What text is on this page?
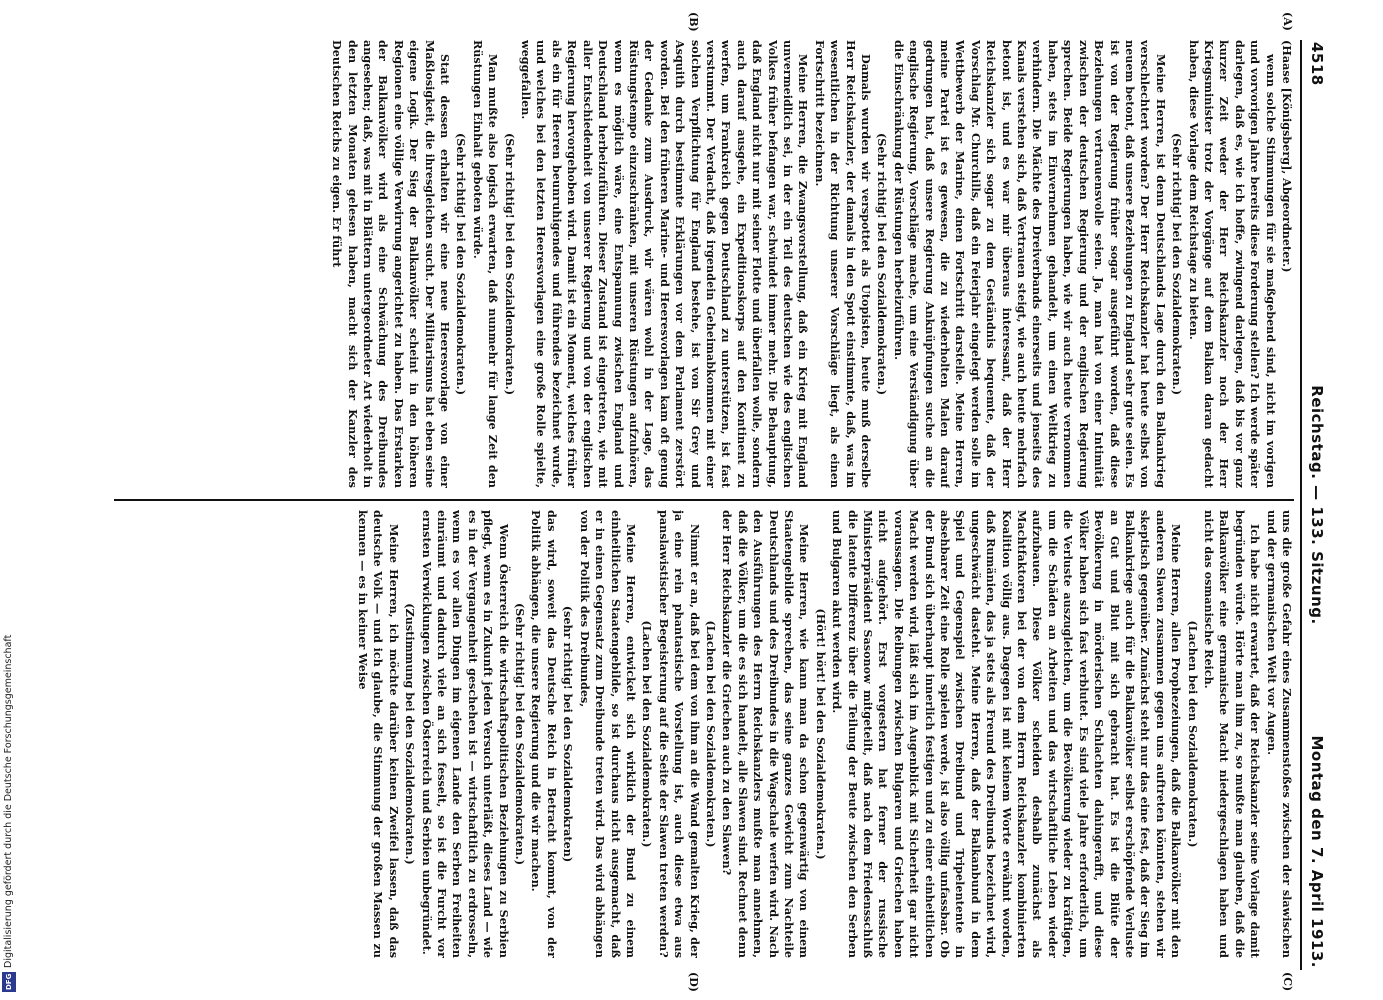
Digitalisierung gefördert durch die Deutsche Forschungsgemeinschaft
DFG
4518
Reichstag. — 133. Sitzung.
Montag den 7. April 1913.
(A)
(B)
(C)
(D)

(Haase [Königsberg], Abgeordneter.)

wenn solche Stimmungen für sie maßgebend sind, nicht im vorigen und vorvorigen Jahre bereits diese Forderung stellen? Ich werde später darlegen, daß es, wie ich hoffe, zwingend darlegen, daß bis vor ganz kurzer Zeit weder der Herr Reichskanzler noch der Herr Kriegsminister trotz der Vorgänge auf dem Balkan daran gedacht haben, diese Vorlage dem Reichstage zu bieten.

(Sehr richtig! bei den Sozialdemokraten.)

Meine Herren, ist denn Deutschlands Lage durch den Balkankrieg verschlechtert worden? Der Herr Reichskanzler hat heute selbst von neuem betont, daß unsere Beziehungen zu England sehr gute seien. Es ist von der Regierung früher sogar ausgeführt worden, daß diese Beziehungen vertrauensvolle seien. Ja, man hat von einer Intimität zwischen der deutschen Regierung und der englischen Regierung sprechen. Beide Regierungen haben, wie wir auch heute vernommen haben, stets im Einvernehmen gehandelt, um einen Weltkrieg zu verhindern. Die Mächte des Dreiverbands einerseits und jenseits des Kanals verstehen sich, daß Vertrauen steigt, wie auch heute mehrfach betont ist, und es war mir überaus interessant, daß der Herr Reichskanzler sich sogar zu dem Geständnis bequemte, daß der Vorschlag Mr. Churchills, daß ein Feierjahr eingelegt werden solle im Wettbewerb der Marine, einen Fortschritt darstelle. Meine Herren, meine Partei ist es gewesen, die zu wiederholten Malen darauf gedrungen hat, daß unsere Regierung Anknüpfungen suche an die englische Regierung, Vorschläge mache, um eine Verständigung über die Einschränkung der Rüstungen herbeizuführen.

(Sehr richtig! bei den Sozialdemokraten.)

Damals wurden wir verspottet als Utopisten, heute muß derselbe Herr Reichskanzler, der damals in den Spott einstimmte, daß, was im wesentlichen in der Richtung unserer Vorschläge liegt, als einen Fortschritt bezeichnen.

Meine Herren, die Zwangsvorstellung, daß ein Krieg mit England unvermeidlich sei, in der ein Teil des deutschen wie des englischen Volkes früher befangen war, schwindet immer mehr. Die Behauptung, daß England nicht nur mit seiner Flotte und überfallen wolle, sondern auch darauf ausgehe, ein Expeditionskorps auf den Kontinent zu werfen, um Frankreich gegen Deutschland zu unterstützen, ist fast verstummt. Der Verdacht, daß irgendein Geheimabkommen mit einer solchen Verpflichtung für England bestehe, ist von Sir Grey und Asquith durch bestimmte Erklärungen vor dem Parlament zerstört worden. Bei den früheren Marine- und Heeresvorlagen kam oft genug der Gedanke zum Ausdruck, wir wären wohl in der Lage, das Rüstungstempo einzuschränken, mit unseren Rüstungen aufzuhören, wenn es möglich wäre, eine Entspannung zwischen England und Deutschland herbeizuführen. Dieser Zustand ist eingetreten, wie mit aller Entschiedenheit von unserer Regierung und von der englischen Regierung hervorgehoben wird. Damit ist ein Moment, welches früher als ein für Heeren beunruhigendes und führendes bezeichnet wurde, und welches bei den letzten Heeresvorlagen eine große Rolle spielte, weggefallen.

(Sehr richtig! bei den Sozialdemokraten.)

Man mußte also logisch erwarten, daß nunmehr für lange Zeit den Rüstungen Einhalt geboten würde.

(Sehr richtig! bei den Sozialdemokraten.)

Statt dessen erhalten wir eine neue Heeresvorlage von einer Maßlosigkeit, die ihresgleichen sucht. Der Militarismus hat eben seine eigene Logik. Der Sieg der Balkanvölker scheint in den höheren Regionen eine völlige Verwirrung angerichtet zu haben. Das Erstarken der Balkanvölker wird als eine Schwächung des Dreibundes angesehen; daß, was mit in Blättern untergeordneter Art wiederholt in den letzten Monaten gelesen haben, macht sich der Kanzler des Deutschen Reichs zu eigen. Er führt

uns die große Gefahr eines Zusammenstoßes zwischen der slawischen und der germanischen Welt vor Augen.

Ich habe nicht erwartet, daß der Reichskanzler seine Vorlage damit begründen würde. Hörte man ihm zu, so mußte man glauben, daß die Balkanvölker eine germanische Macht niedergeschlagen haben und nicht das osmanische Reich.

(Lachen bei den Sozialdemokraten.)

Meine Herren, allen Prophezeiungen, daß die Balkanvölker mit den anderen Slawen zusammen gegen uns auftreten könnten, stehen wir skeptisch gegenüber. Zunächst steht nur das eine fest, daß der Sieg im Balkankriege auch für die Balkanvölker selbst erschöpfende Verluste an Gut und Blut mit sich gebracht hat. Es ist die Blüte der Bevölkerung in mörderischen Schlachten dahingerafft, und diese Völker haben sich fast verblutet. Es sind viele Jahre erforderlich, um die Verluste auszugleichen, um die Bevölkerung wieder zu kräftigen, um die Schäden an Arbeiten und das wirtschaftliche Leben wieder aufzubauen. Diese Völker scheiden deshalb zunächst als Machtfaktoren bei der von dem Herrn Reichskanzler kombinierten Koalition völlig aus. Dagegen ist mit keinem Worte erwähnt worden, daß Rumänien, das ja stets als Freund des Dreibunds bezeichnet wird, ungeschwächt dasteht. Meine Herren, daß der Balkanbund in dem Spiel und Gegenspiel zwischen Dreibund und Tripelentente in absehbarer Zeit eine Rolle spielen werde, ist also völlig unfassbar. Ob der Bund sich überhaupt innerlich festigen und zu einer einheitlichen Macht werden wird, läßt sich im Augenblick mit Sicherheit gar nicht voraussagen. Die Reibungen zwischen Bulgaren und Griechen haben nicht aufgehört. Erst vorgestern hat ferner der russische Ministerpräsident Sasonow mitgeteilt, daß nach dem Friedensschluß die latente Differenz über die Teilung der Beute zwischen den Serben und Bulgaren akut werden wird.

(Hört! hört! bei den Sozialdemokraten.)

Meine Herren, wie kann man da schon gegenwärtig von einem Staatengebilde sprechen, das seine ganzes Gewicht zum Nachteile Deutschlands und des Dreibundes in die Wagschale werfen wird. Nach den Ausführungen des Herrn Reichskanzlers mußte man annehmen, daß die Völker, um die es sich handelt, alle Slawen sind. Rechnet denn der Herr Reichskanzler die Griechen auch zu den Slawen?

(Lachen bei den Sozialdemokraten.)

Nimmt er an, daß bei dem von ihm an die Wand gemalten Krieg, der ja eine rein phantastische Vorstellung ist, auch diese etwa aus panslawistischer Begeisterung auf die Seite der Slawen treten werden?

(Lachen bei den Sozialdemokraten.)

Meine Herren, entwickelt sich wirklich der Bund zu einem einheitlichen Staatengebilde, so ist durchaus nicht ausgemacht, daß er in einen Gegensatz zum Dreibunde treten wird. Das wird abhängen von der Politik des Dreibundes,

(sehr richtig! bei den Sozialdemokraten)

das wird, soweit das Deutsche Reich in Betracht kommt, von der Politik abhängen, die unsere Regierung und die wir machen.

(Sehr richtig! bei den Sozialdemokraten.)

Wenn Österreich die wirtschaftspolitischen Beziehungen zu Serbien pflegt, wenn es in Zukunft jeden Versuch unterläßt, dieses Land — wie es in der Vergangenheit geschehen ist — wirtschaftlich zu erdrosseln, wenn es vor allen Dingen im eigenen Lande den Serben Freiheiten einräumt und dadurch viele an sich fesselt, so ist die Furcht vor ernsten Verwicklungen zwischen Österreich und Serbien unbegründet.

(Zustimmung bei den Sozialdemokraten.)

Meine Herren, ich möchte darüber keinen Zweifel lassen, daß das deutsche Volk — und ich glaube, die Stimmung der großen Massen zu kennen — es in keiner Weise
